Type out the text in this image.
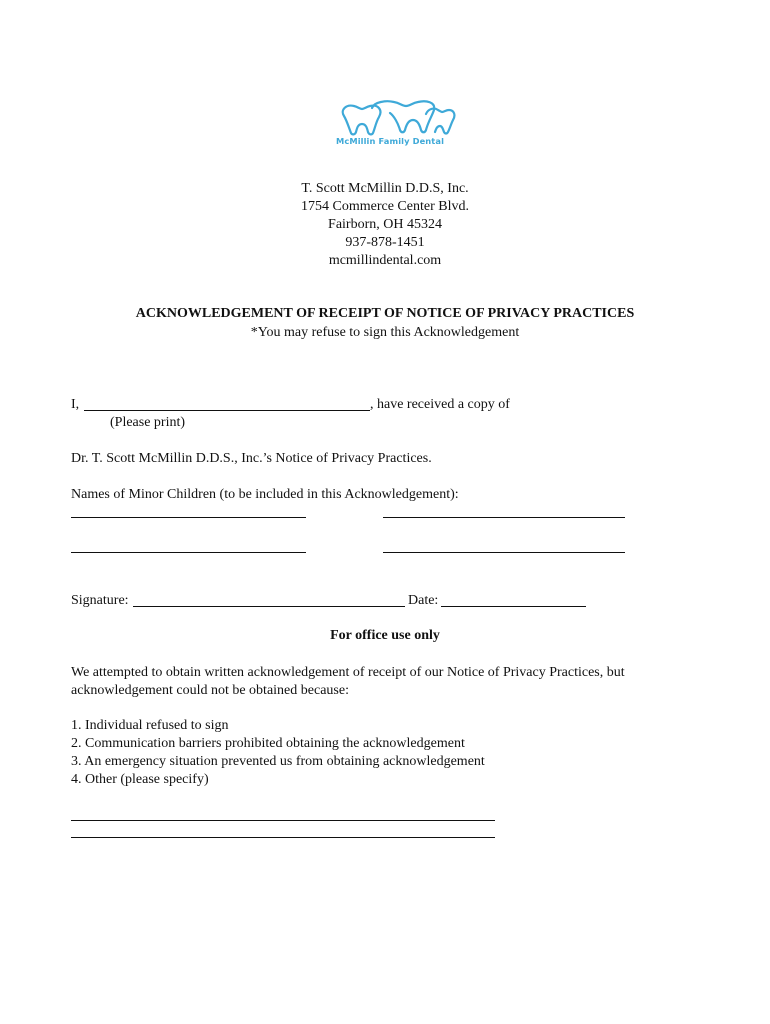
McMillin Family Dental
T. Scott McMillin D.D.S, Inc.
1754 Commerce Center Blvd.
Fairborn, OH 45324
937-878-1451
mcmillindental.com
ACKNOWLEDGEMENT OF RECEIPT OF NOTICE OF PRIVACY PRACTICES
*You may refuse to sign this Acknowledgement
I,	, have received a copy of
(Please print)
Dr. T. Scott McMillin D.D.S., Inc.’s Notice of Privacy Practices.
Names of Minor Children (to be included in this Acknowledgement):
Signature:	Date:
For office use only
We attempted to obtain written acknowledgement of receipt of our Notice of Privacy Practices, but
acknowledgement could not be obtained because:
1. Individual refused to sign
2. Communication barriers prohibited obtaining the acknowledgement
3. An emergency situation prevented us from obtaining acknowledgement
4. Other (please specify)
